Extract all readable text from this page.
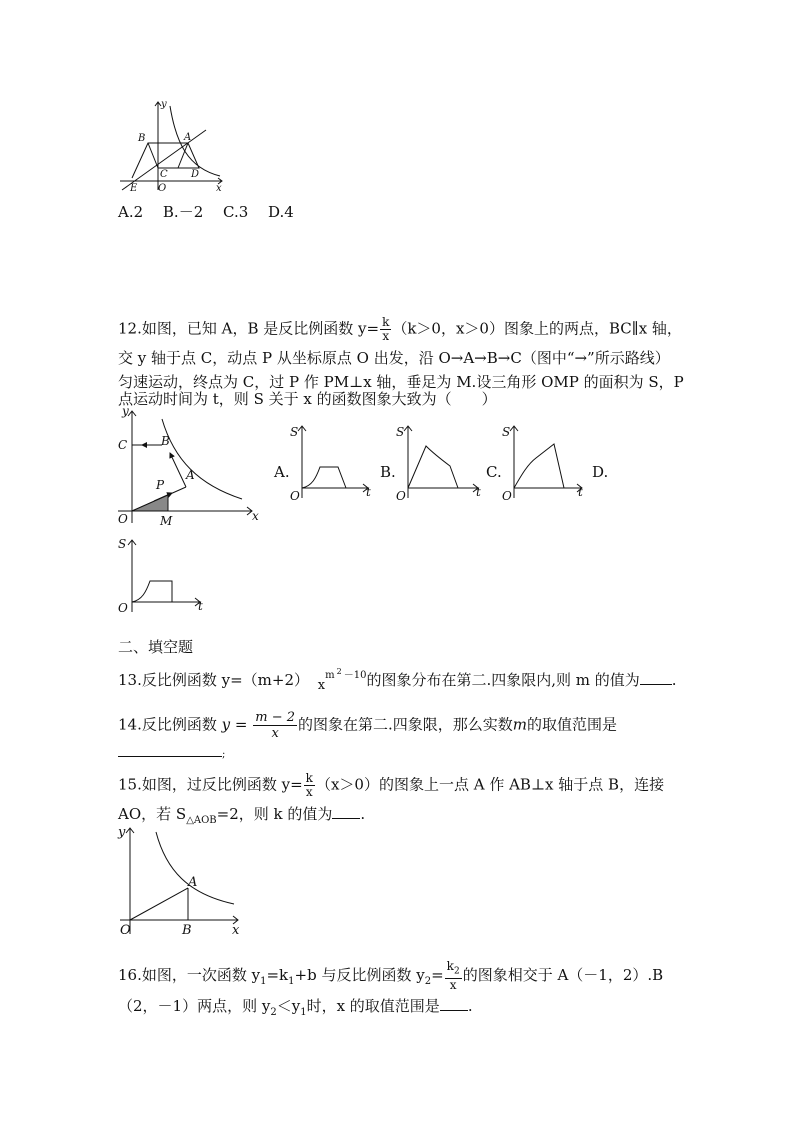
y
x
B	A
C D
E O
A.2　 B.－2　 C.3　 D.4
12.如图，已知 A，B 是反比例函数 $y= \frac{k}{x} (k>0$，x＞0）图象上的两点，BC∥x 轴，
交 y 轴于点 C，动点 P 从坐标原点 O 出发，沿 O→A→B→C（图中“→”所示路线）
匀速运动，终点为 C，过 P 作 PM⊥x 轴，垂足为 M.设三角形 OMP 的面积为 S，P
点运动时间为 t，则 S 关于 x 的函数图象大致为（　　）
y
x
C	B
A
P
O	M
A.
S
O	t
B.
S
O	t
C.
S
O	t
D.
S
O	t
二、填空题
13.反比例函数 y=（m+2） $x^{m ^2 -10}$的图象分布在第二.四象限内,则 m 的值为 .
14.反比例函数 $y = \frac{m - 2}{x}$ 的图象在第二.四象限，那么实数m的取值范围是
;
15.如图，过反比例函数 $y= \frac{k}{x} (x>0)$的图象上一点 A 作 AB⊥x 轴于点 B，连接
AO，若 $S_{\triangle AOB}=2$，则 k 的值为 .
y
x
A
B
O
16.如图，一次函数 $y_1=k_1+b$ 与反比例函数 $y_2= \frac{k_2}{x}$ 的图象相交于 A（－1，2）.B
（2，－1）两点，则 $y_2<y_1$时，x 的取值范围是 .
